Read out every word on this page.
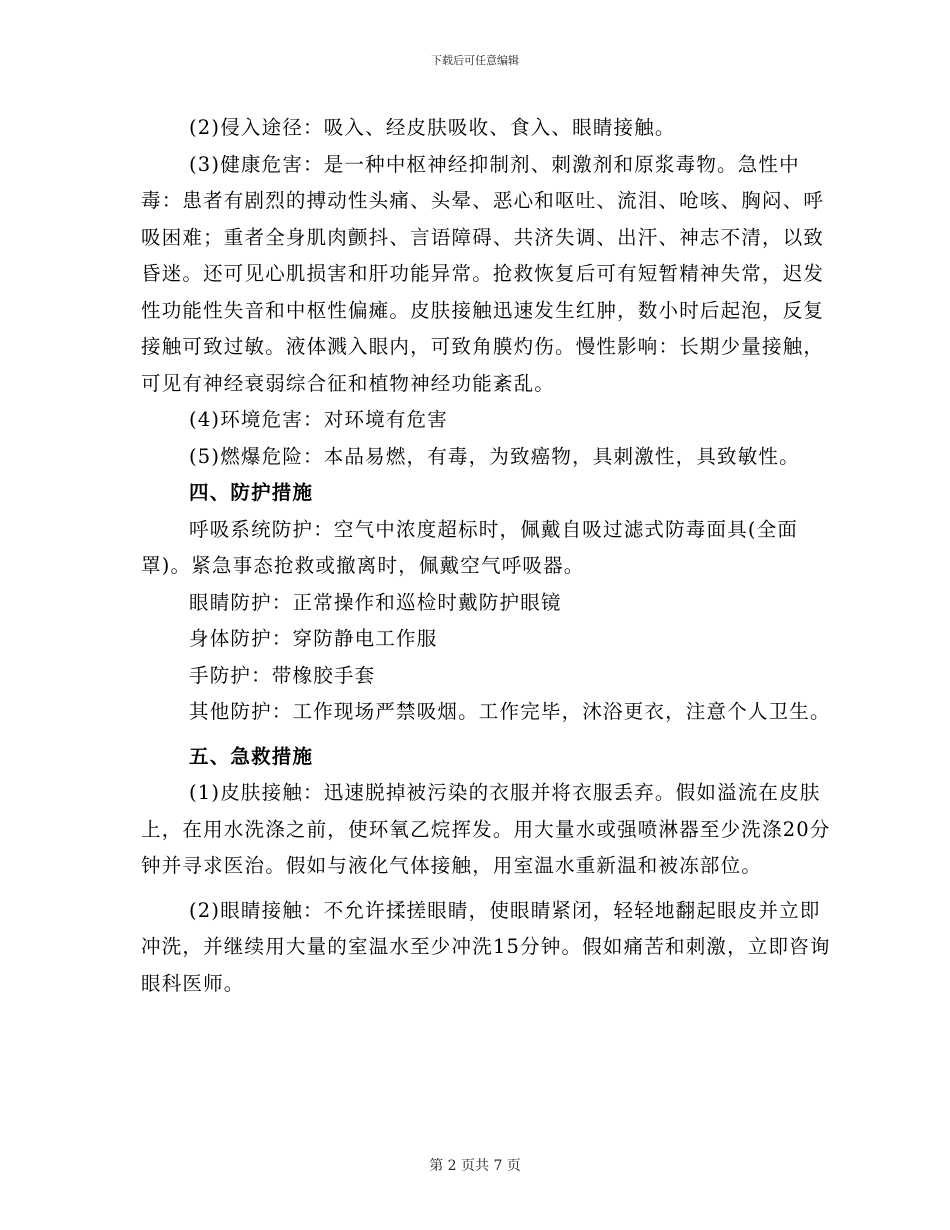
下载后可任意编辑

(2)侵入途径：吸入、经皮肤吸收、食入、眼睛接触。

(3)健康危害：是一种中枢神经抑制剂、刺激剂和原浆毒物。急性中毒：患者有剧烈的搏动性头痛、头晕、恶心和呕吐、流泪、呛咳、胸闷、呼吸困难；重者全身肌肉颤抖、言语障碍、共济失调、出汗、神志不清，以致昏迷。还可见心肌损害和肝功能异常。抢救恢复后可有短暂精神失常，迟发性功能性失音和中枢性偏瘫。皮肤接触迅速发生红肿，数小时后起泡，反复接触可致过敏。液体溅入眼内，可致角膜灼伤。慢性影响：长期少量接触，可见有神经衰弱综合征和植物神经功能紊乱。

(4)环境危害：对环境有危害

(5)燃爆危险：本品易燃，有毒，为致癌物，具刺激性，具致敏性。

四、防护措施

呼吸系统防护：空气中浓度超标时，佩戴自吸过滤式防毒面具(全面罩)。紧急事态抢救或撤离时，佩戴空气呼吸器。

眼睛防护：正常操作和巡检时戴防护眼镜

身体防护：穿防静电工作服

手防护：带橡胶手套

其他防护：工作现场严禁吸烟。工作完毕，沐浴更衣，注意个人卫生。

五、急救措施

(1)皮肤接触：迅速脱掉被污染的衣服并将衣服丢弃。假如溢流在皮肤上，在用水洗涤之前，使环氧乙烷挥发。用大量水或强喷淋器至少洗涤20分钟并寻求医治。假如与液化气体接触，用室温水重新温和被冻部位。

(2)眼睛接触：不允许揉搓眼睛，使眼睛紧闭，轻轻地翻起眼皮并立即冲洗，并继续用大量的室温水至少冲洗15分钟。假如痛苦和刺激，立即咨询眼科医师。

第 2 页共 7 页
